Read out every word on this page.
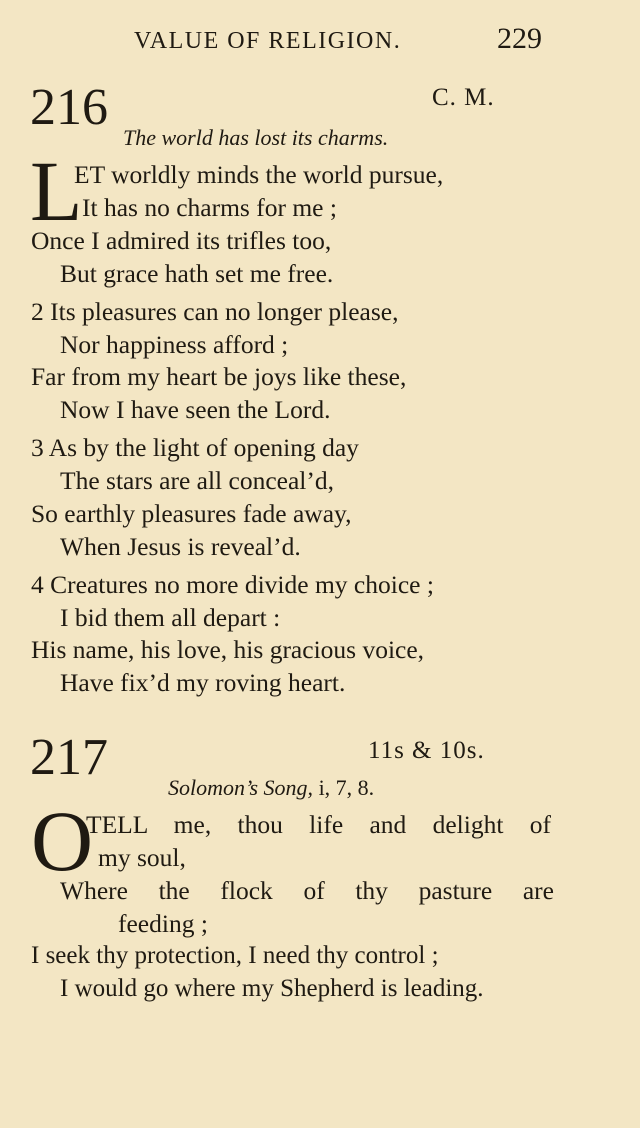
VALUE OF RELIGION.	229
216	C. M.
The world has lost its charms.
L
ET worldly minds the world pursue,
It has no charms for me ;
Once I admired its trifles too,
But grace hath set me free.
2 Its pleasures can no longer please,
Nor happiness afford ;
Far from my heart be joys like these,
Now I have seen the Lord.
3 As by the light of opening day
The stars are all conceal’d,
So earthly pleasures fade away,
When Jesus is reveal’d.
4 Creatures no more divide my choice ;
I bid them all depart :
His name, his love, his gracious voice,
Have fix’d my roving heart.
217	11s & 10s.
Solomon’s Song, i, 7, 8.
O
TELL me, thou life and delight of
my soul,
Where the flock of thy pasture are
feeding ;
I seek thy protection, I need thy control ;
I would go where my Shepherd is leading.
